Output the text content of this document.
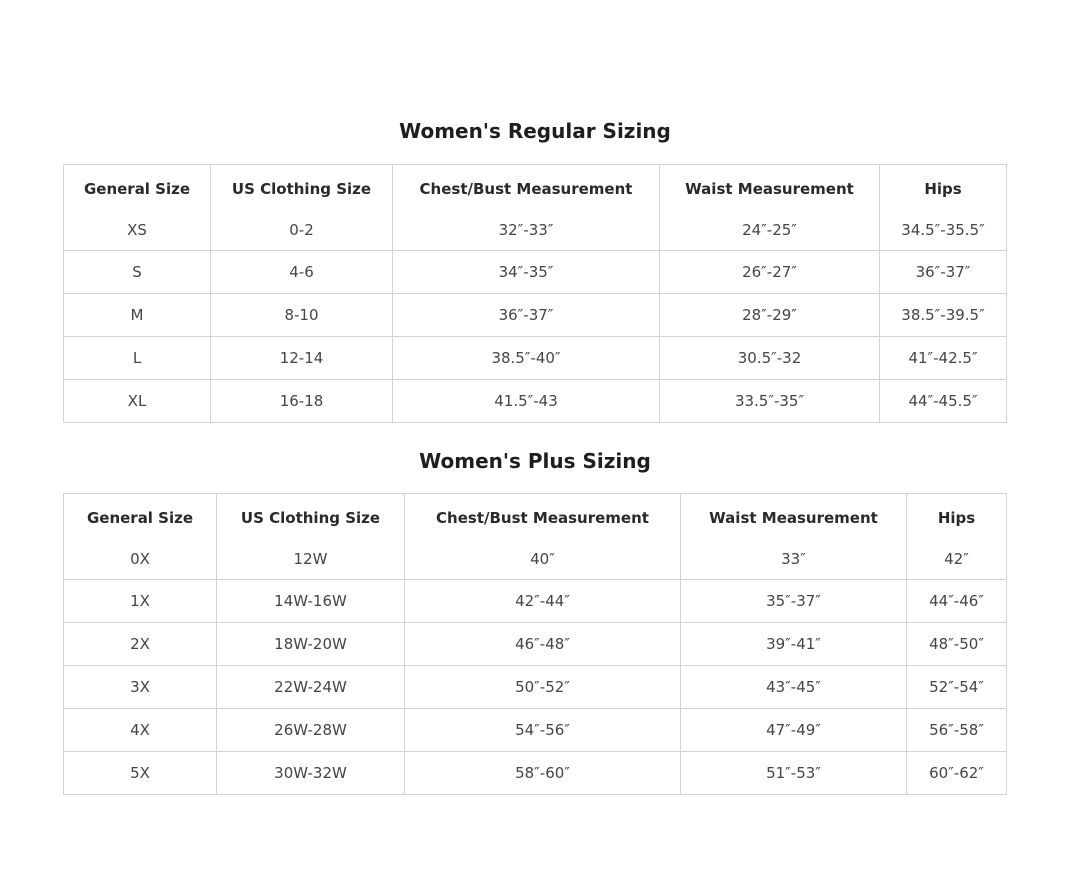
Women's Regular Sizing
General Size	US Clothing Size	Chest/Bust Measurement	Waist Measurement	Hips
XS	0-2	32″-33″	24″-25″	34.5″-35.5″
S	4-6	34″-35″	26″-27″	36″-37″
M	8-10	36″-37″	28″-29″	38.5″-39.5″
L	12-14	38.5″-40″	30.5″-32	41″-42.5″
XL	16-18	41.5″-43	33.5″-35″	44″-45.5″
Women's Plus Sizing
General Size	US Clothing Size	Chest/Bust Measurement	Waist Measurement	Hips
0X	12W	40″	33″	42″
1X	14W-16W	42″-44″	35″-37″	44″-46″
2X	18W-20W	46″-48″	39″-41″	48″-50″
3X	22W-24W	50″-52″	43″-45″	52″-54″
4X	26W-28W	54″-56″	47″-49″	56″-58″
5X	30W-32W	58″-60″	51″-53″	60″-62″
